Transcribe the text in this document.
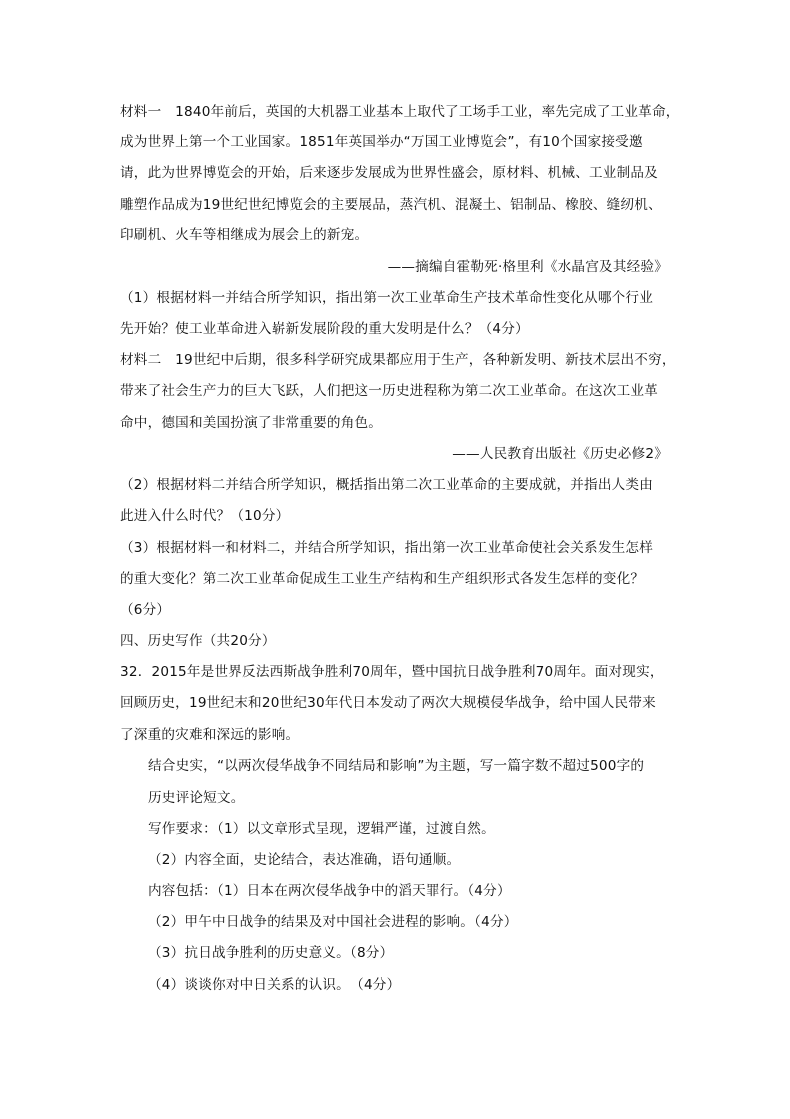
材料一　1840年前后，英国的大机器工业基本上取代了工场手工业，率先完成了工业革命，
成为世界上第一个工业国家。1851年英国举办“万国工业博览会”，有10个国家接受邀
请，此为世界博览会的开始，后来逐步发展成为世界性盛会，原材料、机械、工业制品及
雕塑作品成为19世纪世纪博览会的主要展品，蒸汽机、混凝土、铝制品、橡胶、缝纫机、
印刷机、火车等相继成为展会上的新宠。
——摘编自霍勒死·格里利《水晶宫及其经验》
（1）根据材料一并结合所学知识，指出第一次工业革命生产技术革命性变化从哪个行业
先开始？使工业革命进入崭新发展阶段的重大发明是什么？（4分）
材料二　19世纪中后期，很多科学研究成果都应用于生产，各种新发明、新技术层出不穷，
带来了社会生产力的巨大飞跃，人们把这一历史进程称为第二次工业革命。在这次工业革
命中，德国和美国扮演了非常重要的角色。
——人民教育出版社《历史必修2》
（2）根据材料二并结合所学知识，概括指出第二次工业革命的主要成就，并指出人类由
此进入什么时代？（10分）
（3）根据材料一和材料二，并结合所学知识，指出第一次工业革命使社会关系发生怎样
的重大变化？第二次工业革命促成生工业生产结构和生产组织形式各发生怎样的变化？
（6分）
四、历史写作（共20分）
32．2015年是世界反法西斯战争胜利70周年，暨中国抗日战争胜利70周年。面对现实，
回顾历史，19世纪末和20世纪30年代日本发动了两次大规模侵华战争，给中国人民带来
了深重的灾难和深远的影响。
结合史实，“以两次侵华战争不同结局和影响”为主题，写一篇字数不超过500字的
历史评论短文。
写作要求：（1）以文章形式呈现，逻辑严谨，过渡自然。
（2）内容全面，史论结合，表达准确，语句通顺。
内容包括：（1）日本在两次侵华战争中的滔天罪行。（4分）
（2）甲午中日战争的结果及对中国社会进程的影响。（4分）
（3）抗日战争胜利的历史意义。（8分）
（4）谈谈你对中日关系的认识。　（4分）
